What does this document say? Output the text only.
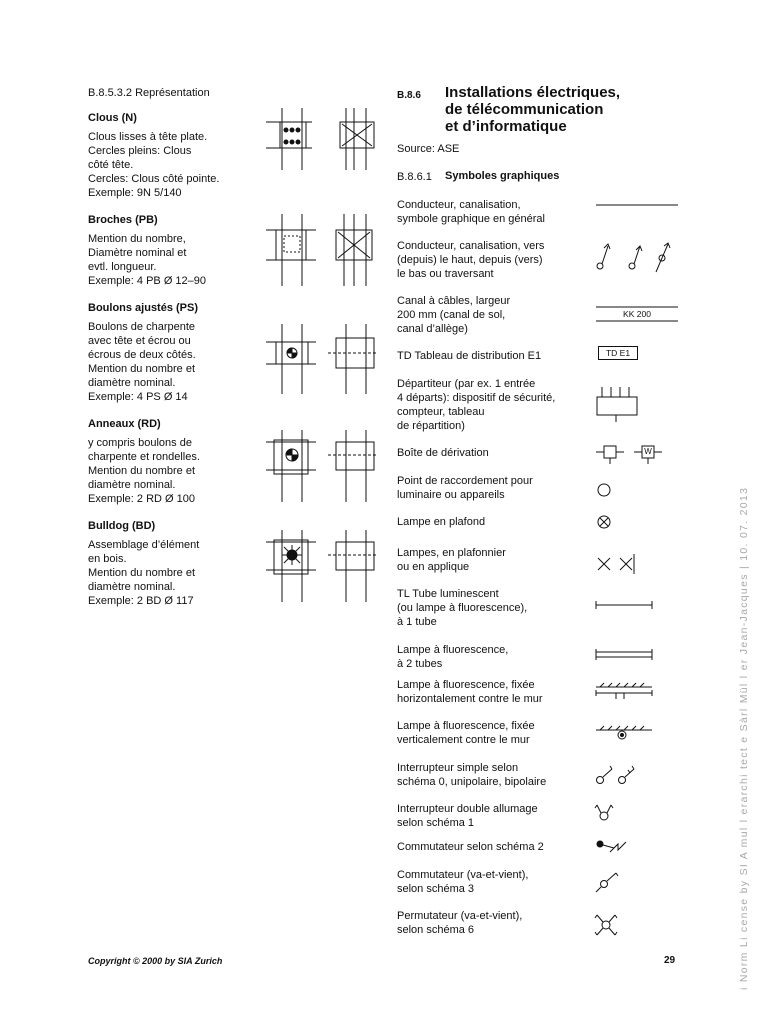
B.8.5.3.2 Représentation
Clous (N)
Clous lisses à tête plate.
Cercles pleins: Clous
côté tête.
Cercles: Clous côté pointe.
Exemple: 9N 5/140
Broches (PB)
Mention du nombre,
Diamètre nominal et
evtl. longueur.
Exemple: 4 PB Ø 12–90
Boulons ajustés (PS)
Boulons de charpente
avec tête et écrou ou
écrous de deux côtés.
Mention du nombre et
diamètre nominal.
Exemple: 4 PS Ø 14
Anneaux (RD)
y compris boulons de
charpente et rondelles.
Mention du nombre et
diamètre nominal.
Exemple: 2 RD Ø 100
Bulldog (BD)
Assemblage d’élément
en bois.
Mention du nombre et
diamètre nominal.
Exemple: 2 BD Ø 117
B.8.6 Installations électriques,
de télécommunication
et d’informatique
Source: ASE
B.8.6.1 Symboles graphiques
Conducteur, canalisation,
symbole graphique en général
Conducteur, canalisation, vers
(depuis) le haut, depuis (vers)
le bas ou traversant
Canal à câbles, largeur
200 mm (canal de sol,
canal d’allège)
TD Tableau de distribution E1
Départiteur (par ex. 1 entrée
4 départs): dispositif de sécurité,
compteur, tableau
de répartition)
Boîte de dérivation
Point de raccordement pour
luminaire ou appareils
Lampe en plafond
Lampes, en plafonnier
ou en applique
TL Tube luminescent
(ou lampe à fluorescence),
à 1 tube
Lampe à fluorescence,
à 2 tubes
Lampe à fluorescence, fixée
horizontalement contre le mur
Lampe à fluorescence, fixée
verticalement contre le mur
Interrupteur simple selon
schéma 0, unipolaire, bipolaire
Interrupteur double allumage
selon schéma 1
Commutateur selon schéma 2
Commutateur (va-et-vient),
selon schéma 3
Permutateur (va-et-vient),
selon schéma 6
KK 200
TD E1
W
Copyright © 2000 by SIA Zurich	29	i Norm Li cense by SI A mul l erarchi tect e Sàrl Mül l er Jean-Jacques | 10. 07. 2013
